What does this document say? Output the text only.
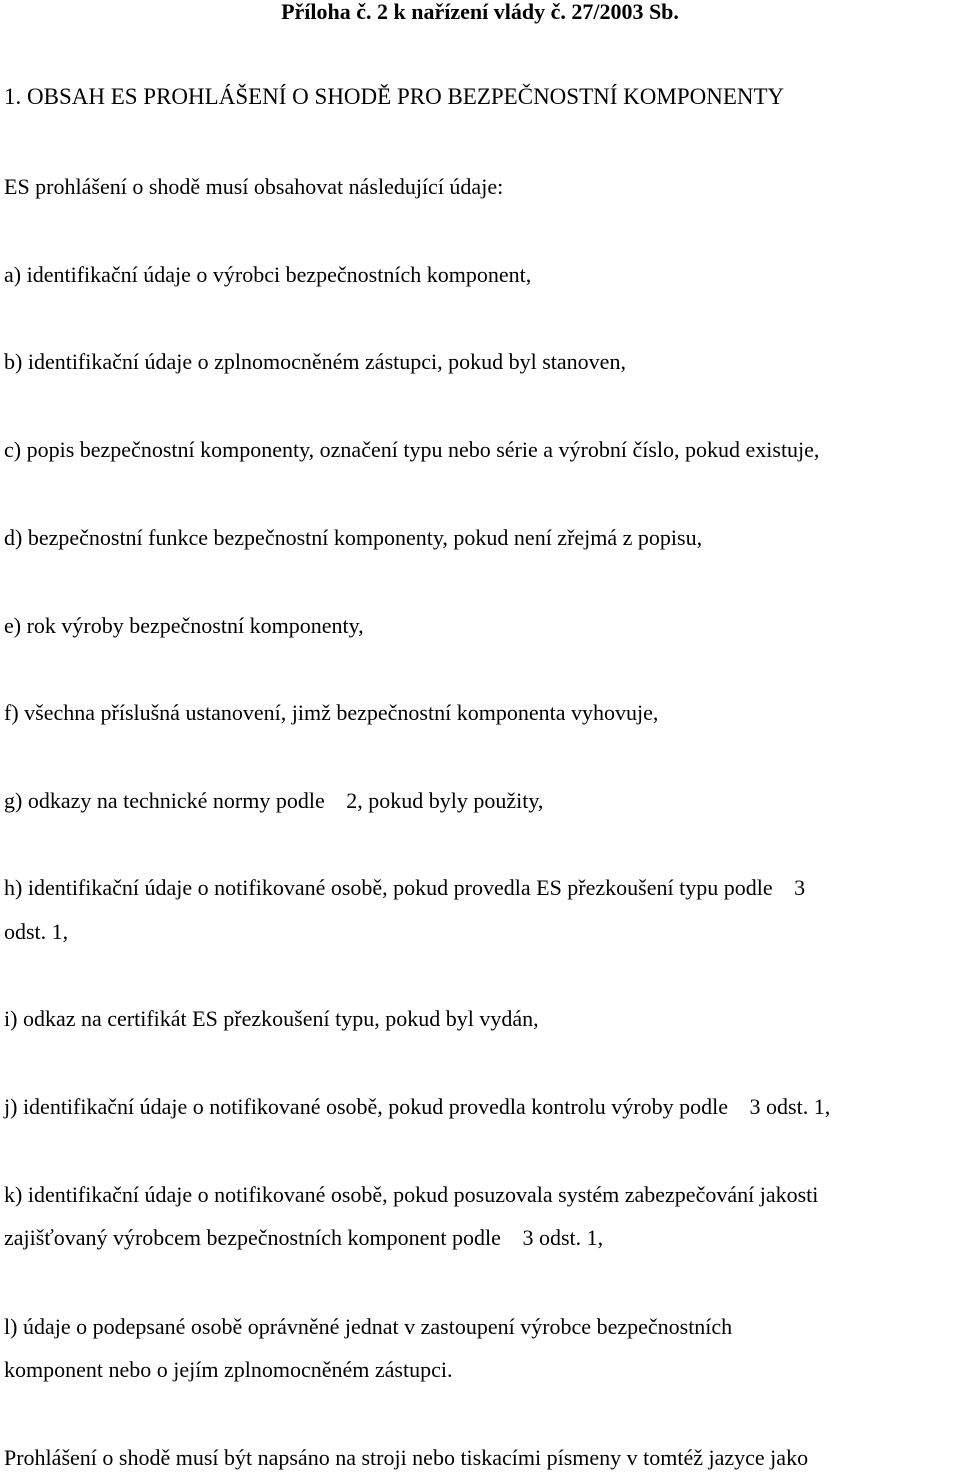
Příloha č. 2 k nařízení vlády č. 27/2003 Sb.
1. OBSAH ES PROHLÁŠENÍ O SHODĚ PRO BEZPEČNOSTNÍ KOMPONENTY
ES prohlášení o shodě musí obsahovat následující údaje:
a) identifikační údaje o výrobci bezpečnostních komponent,
b) identifikační údaje o zplnomocněném zástupci, pokud byl stanoven,
c) popis bezpečnostní komponenty, označení typu nebo série a výrobní číslo, pokud existuje,
d) bezpečnostní funkce bezpečnostní komponenty, pokud není zřejmá z popisu,
e) rok výroby bezpečnostní komponenty,
f) všechna příslušná ustanovení, jimž bezpečnostní komponenta vyhovuje,
g) odkazy na technické normy podle 2, pokud byly použity,
h) identifikační údaje o notifikované osobě, pokud provedla ES přezkoušení typu podle 3
odst. 1,
i) odkaz na certifikát ES přezkoušení typu, pokud byl vydán,
j) identifikační údaje o notifikované osobě, pokud provedla kontrolu výroby podle 3 odst. 1,
k) identifikační údaje o notifikované osobě, pokud posuzovala systém zabezpečování jakosti
zajišťovaný výrobcem bezpečnostních komponent podle 3 odst. 1,
l) údaje o podepsané osobě oprávněné jednat v zastoupení výrobce bezpečnostních
komponent nebo o jejím zplnomocněném zástupci.
Prohlášení o shodě musí být napsáno na stroji nebo tiskacími písmeny v tomtéž jazyce jako
